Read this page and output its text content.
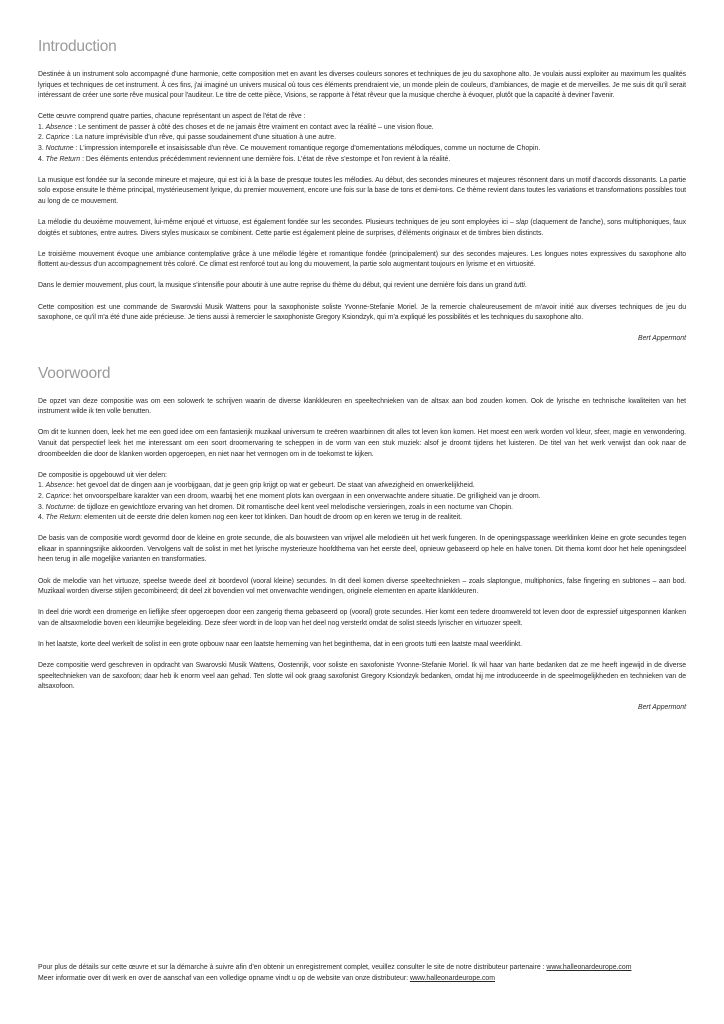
Introduction

Destinée à un instrument solo accompagné d'une harmonie, cette composition met en avant les diverses couleurs sonores et techniques de jeu du saxophone alto. Je voulais aussi exploiter au maximum les qualités lyriques et techniques de cet instrument. À ces fins, j'ai imaginé un univers musical où tous ces éléments prendraient vie, un monde plein de couleurs, d'ambiances, de magie et de merveilles. Je me suis dit qu'il serait intéressant de créer une sorte rêve musical pour l'auditeur. Le titre de cette pièce, Visions, se rapporte à l'état rêveur que la musique cherche à évoquer, plutôt que la capacité à deviner l'avenir.

Cette œuvre comprend quatre parties, chacune représentant un aspect de l'état de rêve :

1. Absence : Le sentiment de passer à côté des choses et de ne jamais être vraiment en contact avec la réalité – une vision floue.
2. Caprice : La nature imprévisible d'un rêve, qui passe soudainement d'une situation à une autre.
3. Nocturne : L'impression intemporelle et insaisissable d'un rêve. Ce mouvement romantique regorge d'ornementations mélodiques, comme un nocturne de Chopin.
4. The Return : Des éléments entendus précédemment reviennent une dernière fois. L'état de rêve s'estompe et l'on revient à la réalité.

La musique est fondée sur la seconde mineure et majeure, qui est ici à la base de presque toutes les mélodies. Au début, des secondes mineures et majeures résonnent dans un motif d'accords dissonants. La partie solo expose ensuite le thème principal, mystérieusement lyrique, du premier mouvement, encore une fois sur la base de tons et demi-tons. Ce thème revient dans toutes les variations et transformations possibles tout au long de ce mouvement.

La mélodie du deuxième mouvement, lui-même enjoué et virtuose, est également fondée sur les secondes. Plusieurs techniques de jeu sont employées ici – slap (claquement de l'anche), sons multiphoniques, faux doigtés et subtones, entre autres. Divers styles musicaux se combinent. Cette partie est également pleine de surprises, d'éléments originaux et de timbres bien distincts.

Le troisième mouvement évoque une ambiance contemplative grâce à une mélodie légère et romantique fondée (principalement) sur des secondes majeures. Les longues notes expressives du saxophone alto flottent au-dessus d'un accompagnement très coloré. Ce climat est renforcé tout au long du mouvement, la partie solo augmentant toujours en lyrisme et en virtuosité.

Dans le dernier mouvement, plus court, la musique s'intensifie pour aboutir à une autre reprise du thème du début, qui revient une dernière fois dans un grand tutti.

Cette composition est une commande de Swarovski Musik Wattens pour la saxophoniste soliste Yvonne-Stefanie Moriel. Je la remercie chaleureusement de m'avoir initié aux diverses techniques de jeu du saxophone, ce qu'il m'a été d'une aide précieuse. Je tiens aussi à remercier le saxophoniste Gregory Ksiondzyk, qui m'a expliqué les possibilités et les techniques du saxophone alto.

Bert Appermont
Voorwoord

De opzet van deze compositie was om een solowerk te schrijven waarin de diverse klankkleuren en speeltechnieken van de altsax aan bod zouden komen. Ook de lyrische en technische kwaliteiten van het instrument wilde ik ten volle benutten.

Om dit te kunnen doen, leek het me een goed idee om een fantasierijk muzikaal universum te creëren waarbinnen dit alles tot leven kon komen. Het moest een werk worden vol kleur, sfeer, magie en verwondering. Vanuit dat perspectief leek het me interessant om een soort droomervaring te scheppen in de vorm van een stuk muziek: alsof je droomt tijdens het luisteren. De titel van het werk verwijst dan ook naar de droombeelden die door de klanken worden opgeroepen, en niet naar het vermogen om in de toekomst te kijken.

De compositie is opgebouwd uit vier delen:

1. Absence: het gevoel dat de dingen aan je voorbijgaan, dat je geen grip krijgt op wat er gebeurt. De staat van afwezigheid en onwerkelijkheid.
2. Caprice: het onvoorspelbare karakter van een droom, waarbij het ene moment plots kan overgaan in een onverwachte andere situatie. De grilligheid van je droom.
3. Nocturne: de tijdloze en gewichtloze ervaring van het dromen. Dit romantische deel kent veel melodische versieringen, zoals in een nocturne van Chopin.
4. The Return: elementen uit de eerste drie delen komen nog een keer tot klinken. Dan houdt de droom op en keren we terug in de realiteit.

De basis van de compositie wordt gevormd door de kleine en grote secunde, die als bouwsteen van vrijwel alle melodieën uit het werk fungeren. In de openingspassage weerklinken kleine en grote secundes tegen elkaar in spanningsrijke akkoorden. Vervolgens valt de solist in met het lyrische mysterieuze hoofdthema van het eerste deel, opnieuw gebaseerd op hele en halve tonen. Dit thema komt door het hele openingsdeel heen terug in alle mogelijke varianten en transformaties.

Ook de melodie van het virtuoze, speelse tweede deel zit boordevol (vooral kleine) secundes. In dit deel komen diverse speeltechnieken – zoals slaptongue, multiphonics, false fingering en subtones – aan bod. Muzikaal worden diverse stijlen gecombineerd; dit deel zit bovendien vol met onverwachte wendingen, originele elementen en aparte klankkleuren.

In deel drie wordt een dromerige en lieflijke sfeer opgeroepen door een zangerig thema gebaseerd op (vooral) grote secundes. Hier komt een tedere droomwereld tot leven door de expressief uitgesponnen klanken van de altsaxmelodie boven een kleurrijke begeleiding. Deze sfeer wordt in de loop van het deel nog versterkt omdat de solist steeds lyrischer en virtuozer speelt.

In het laatste, korte deel werkelt de solist in een grote opbouw naar een laatste herneming van het beginthema, dat in een groots tutti een laatste maal weerklinkt.

Deze compositie werd geschreven in opdracht van Swarovski Musik Wattens, Oostenrijk, voor soliste en saxofoniste Yvonne-Stefanie Moriel. Ik wil haar van harte bedanken dat ze me heeft ingewijd in de diverse speeltechnieken van de saxofoon; daar heb ik enorm veel aan gehad. Ten slotte wil ook graag saxofonist Gregory Ksiondzyk bedanken, omdat hij me introduceerde in de speelmogelijkheden en technieken van de altsaxofoon.

Bert Appermont
Pour plus de détails sur cette œuvre et sur la démarche à suivre afin d'en obtenir un enregistrement complet, veuillez consulter le site de notre distributeur partenaire : www.halleonardeurope.com
Meer informatie over dit werk en over de aanschaf van een volledige opname vindt u op de website van onze distributeur: www.halleonardeurope.com
